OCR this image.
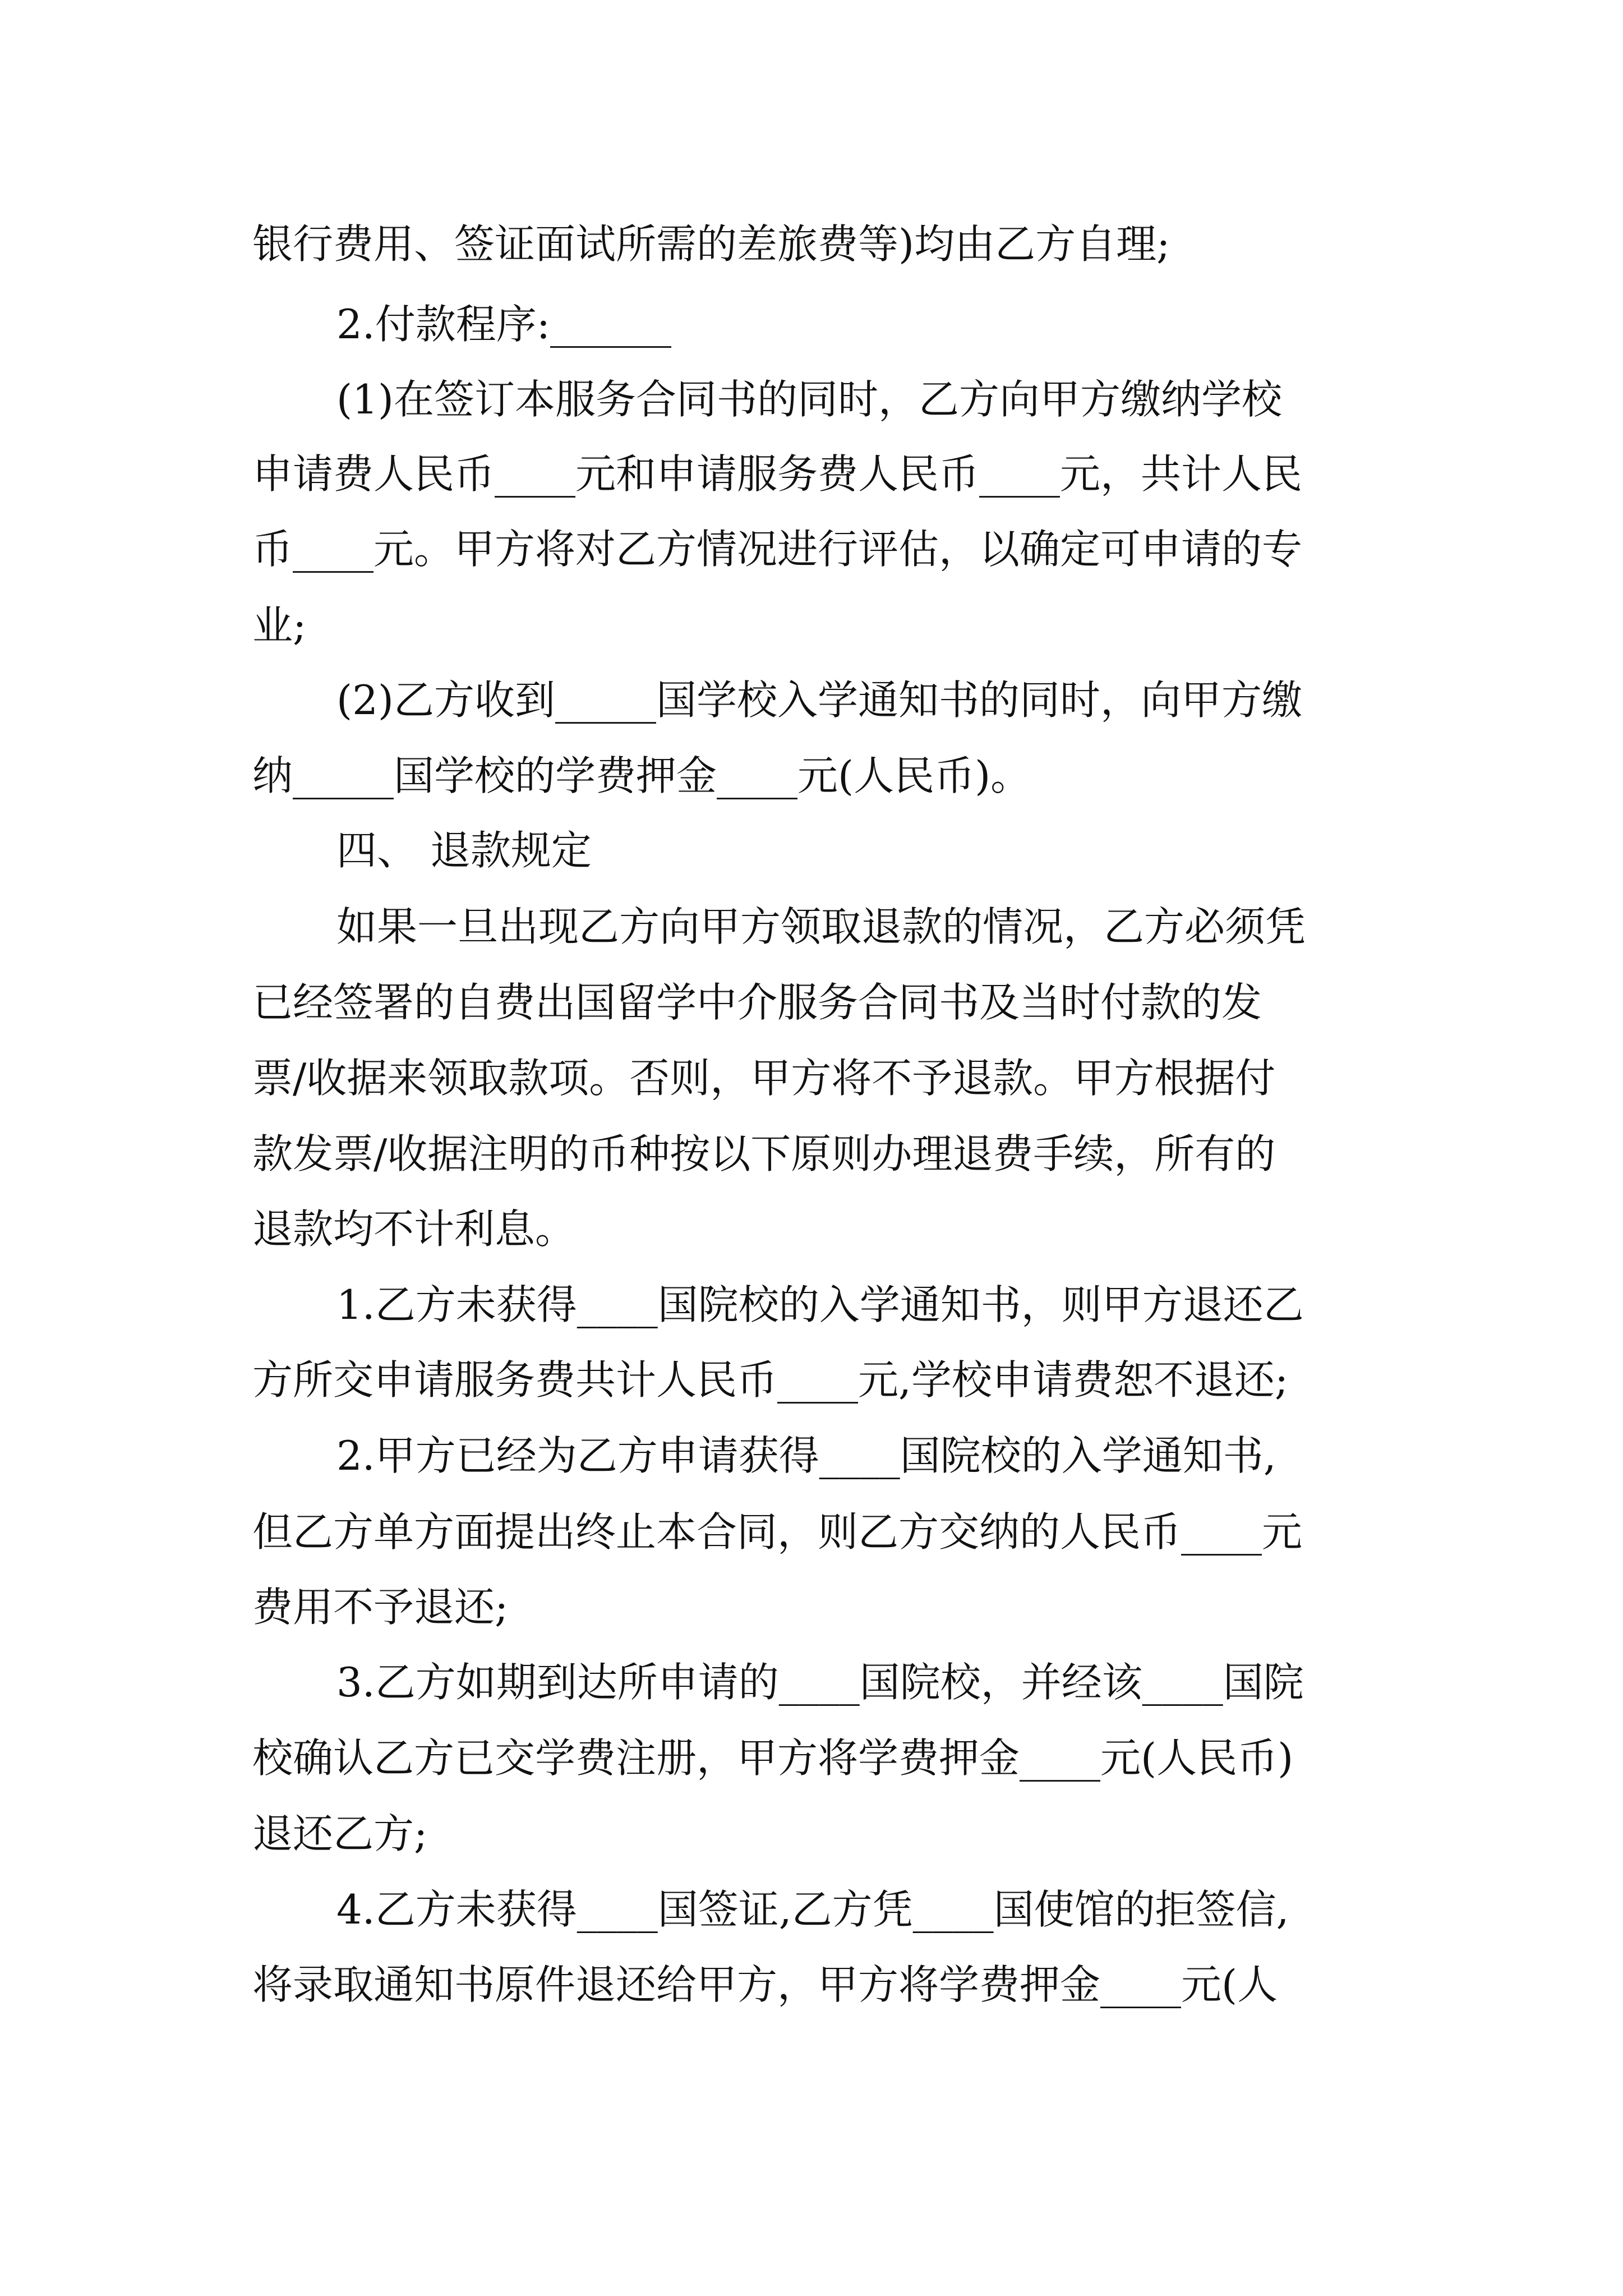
银行费用、签证面试所需的差旅费等)均由乙方自理;
2.付款程序:______
(1)在签订本服务合同书的同时，乙方向甲方缴纳学校
申请费人民币____元和申请服务费人民币____元，共计人民
币____元。甲方将对乙方情况进行评估，以确定可申请的专
业;
(2)乙方收到_____国学校入学通知书的同时，向甲方缴
纳_____国学校的学费押金____元(人民币)。
四、 退款规定
如果一旦出现乙方向甲方领取退款的情况，乙方必须凭
已经签署的自费出国留学中介服务合同书及当时付款的发
票/收据来领取款项。否则，甲方将不予退款。甲方根据付
款发票/收据注明的币种按以下原则办理退费手续，所有的
退款均不计利息。
1.乙方未获得____国院校的入学通知书，则甲方退还乙
方所交申请服务费共计人民币____元,学校申请费恕不退还;
2.甲方已经为乙方申请获得____国院校的入学通知书,
但乙方单方面提出终止本合同，则乙方交纳的人民币____元
费用不予退还;
3.乙方如期到达所申请的____国院校，并经该____国院
校确认乙方已交学费注册，甲方将学费押金____元(人民币)
退还乙方;
4.乙方未获得____国签证,乙方凭____国使馆的拒签信,
将录取通知书原件退还给甲方，甲方将学费押金____元(人
